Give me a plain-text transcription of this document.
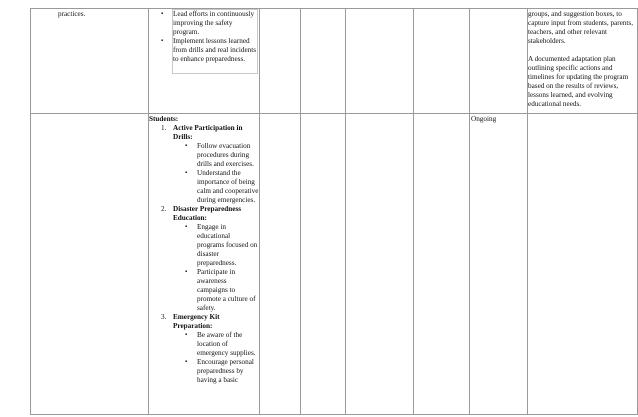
practices.
▪	Lead efforts in continuously improving the safety program.
▪ Implement lessons learned from drills and real incidents to enhance preparedness.
groups, and suggestion boxes, to capture input from students, parents, teachers, and other relevant stakeholders.
A documented adaptation plan outlining specific actions and timelines for updating the program based on the results of reviews, lessons learned, and evolving educational needs.
Students:
1. Active Participation in Drills:
▪ Follow evacuation procedures during drills and exercises.
▪ Understand the importance of being calm and cooperative during emergencies.
2. Disaster Preparedness Education:
▪ Engage in educational programs focused on disaster preparedness.
▪ Participate in awareness campaigns to promote a culture of safety.
3. Emergency Kit Preparation:
▪ Be aware of the location of emergency supplies.
▪ Encourage personal preparedness by having a basic
Ongoing
